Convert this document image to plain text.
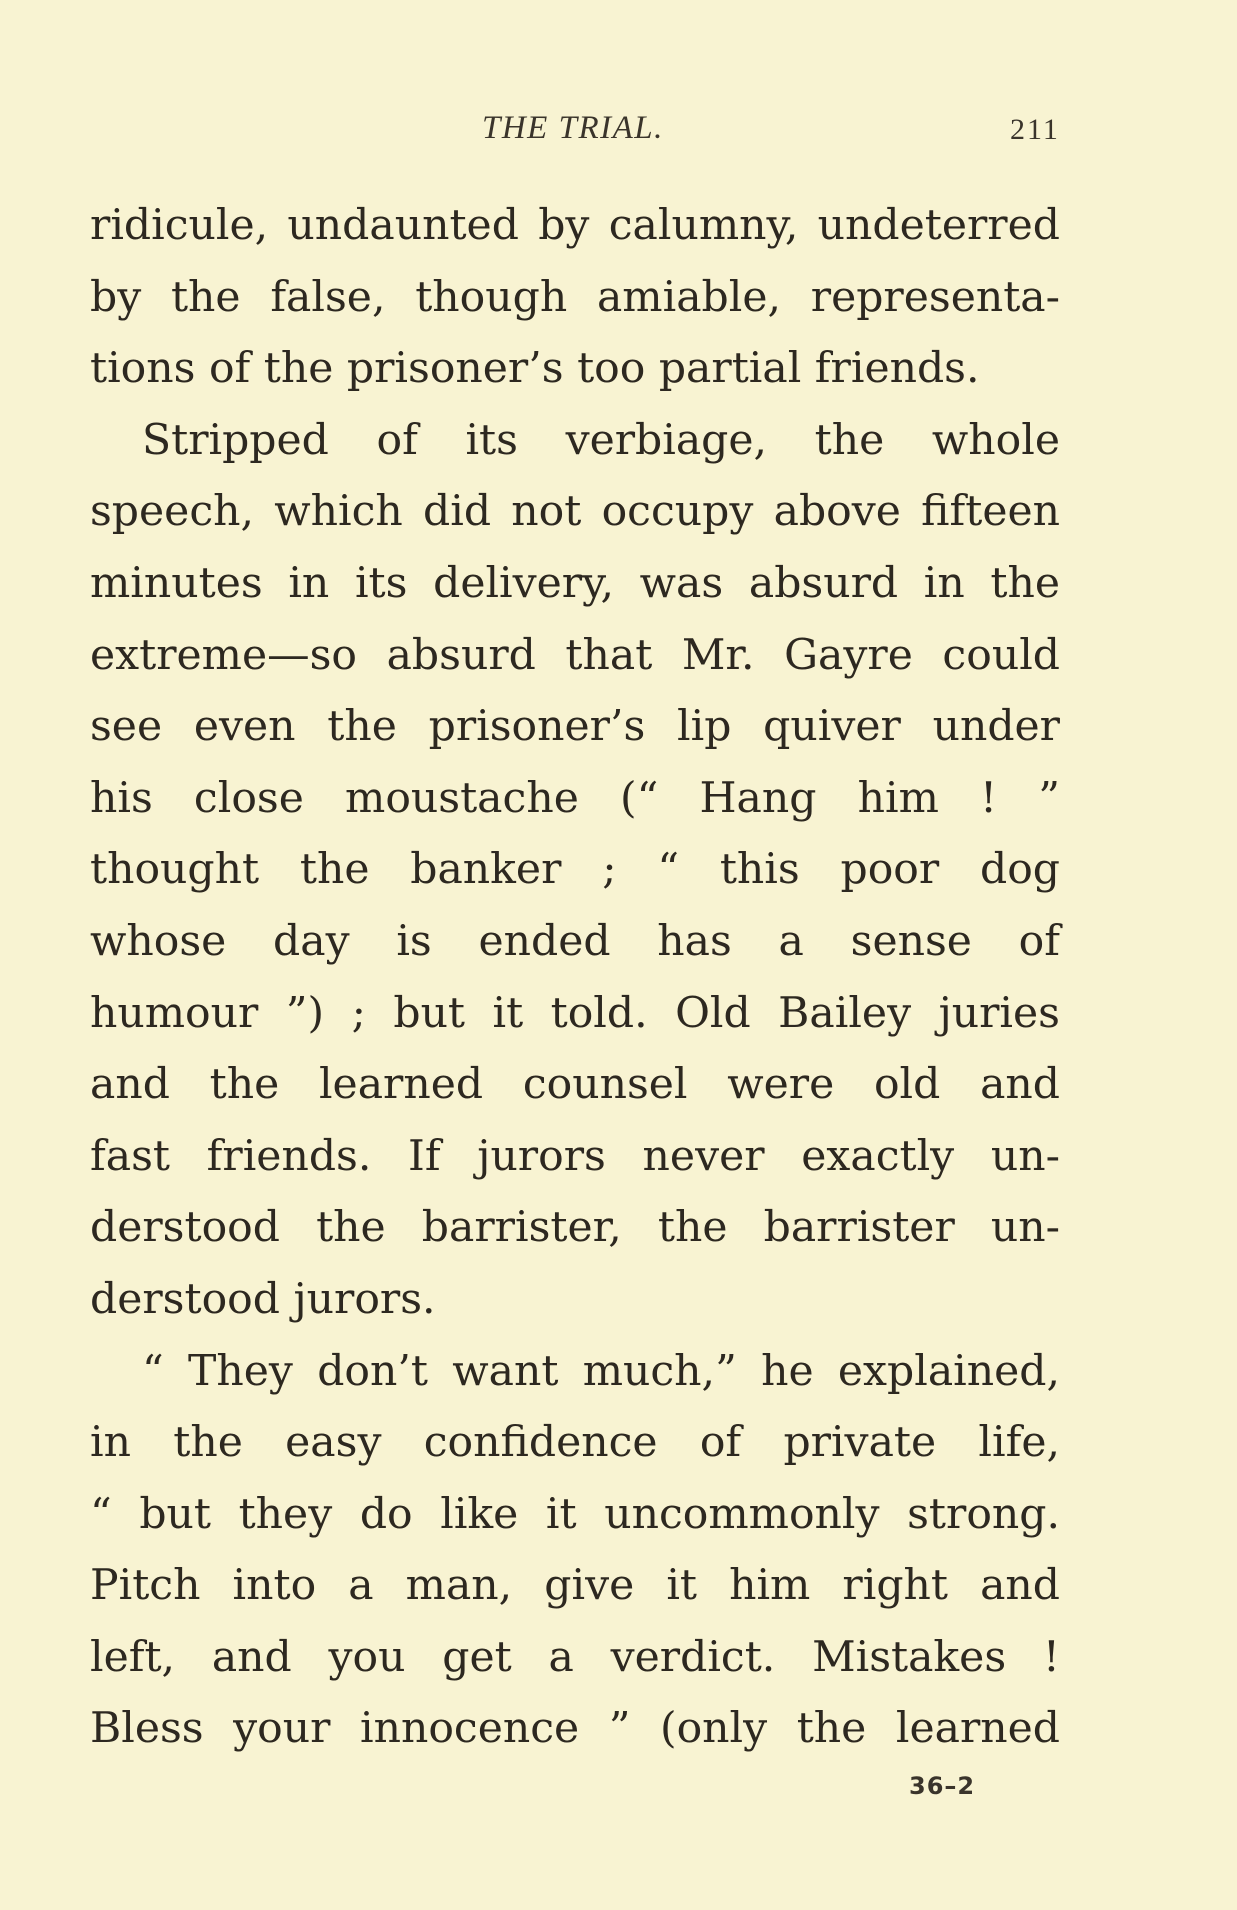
THE TRIAL.	211
ridicule, undaunted by calumny, undeterred
by the false, though amiable, representa-
tions of the prisoner’s too partial friends.
Stripped of its verbiage, the whole
speech, which did not occupy above fifteen
minutes in its delivery, was absurd in the
extreme—so absurd that Mr. Gayre could
see even the prisoner’s lip quiver under
his close moustache (“ Hang him ! ”
thought the banker ; “ this poor dog
whose day is ended has a sense of
humour ”) ; but it told. Old Bailey juries
and the learned counsel were old and
fast friends. If jurors never exactly un-
derstood the barrister, the barrister un-
derstood jurors.
“ They don’t want much,” he explained,
in the easy confidence of private life,
“ but they do like it uncommonly strong.
Pitch into a man, give it him right and
left, and you get a verdict. Mistakes !
Bless your innocence ” (only the learned
36–2
